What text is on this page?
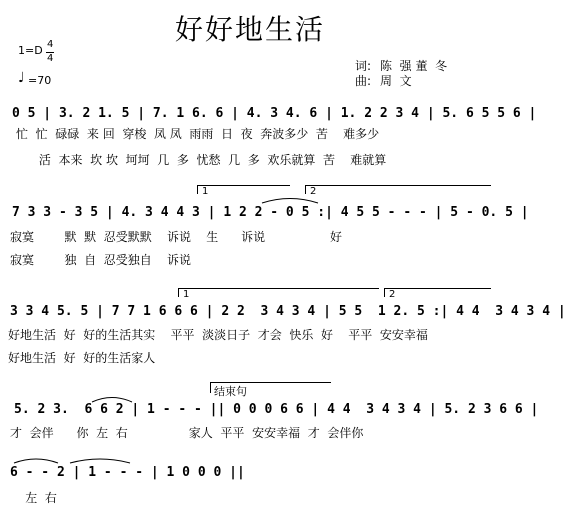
好好地生活
1=D 4
4
♩ =70
词: 陈  强 董  冬
曲: 周  文
0 5 | 3. 2 1. 5 | 7. 1 6. 6 | 4. 3 4. 6 | 1. 2 2 3 4 | 5. 6 5 5 6 |
忙  忙  碌碌  来 回  穿梭  凤 凤  雨雨  日  夜  奔波多少  苦    难多少
活  本来  坎 坎  坷坷  几  多  忧愁  几  多  欢乐就算  苦    难就算
1	2
7 3 3 - 3 5 | 4. 3 4 4 3 | 1 2 2 - 0 5 :| 4 5 5 - - - | 5 - 0. 5 |
寂寞        默  默  忍受默默    诉说    生      诉说                 好
寂寞        独  自  忍受独自    诉说
1	2
3 3 4 5. 5 | 7 7 1 6 6 6 | 2 2  3 4 3 4 | 5 5  1 2. 5 :| 4 4  3 4 3 4 |
好地生活  好  好的生活其实    平平  淡淡日子  才会  快乐  好    平平  安安幸福
好地生活  好  好的生活家人
结束句
5. 2 3.  6 6 2 | 1 - - - || 0 0 0 6 6 | 4 4  3 4 3 4 | 5. 2 3 6 6 |
才  会伴      你  左  右                家人  平平  安安幸福  才  会伴你
6 - - 2 | 1 - - - | 1 0 0 0 ||
左  右
